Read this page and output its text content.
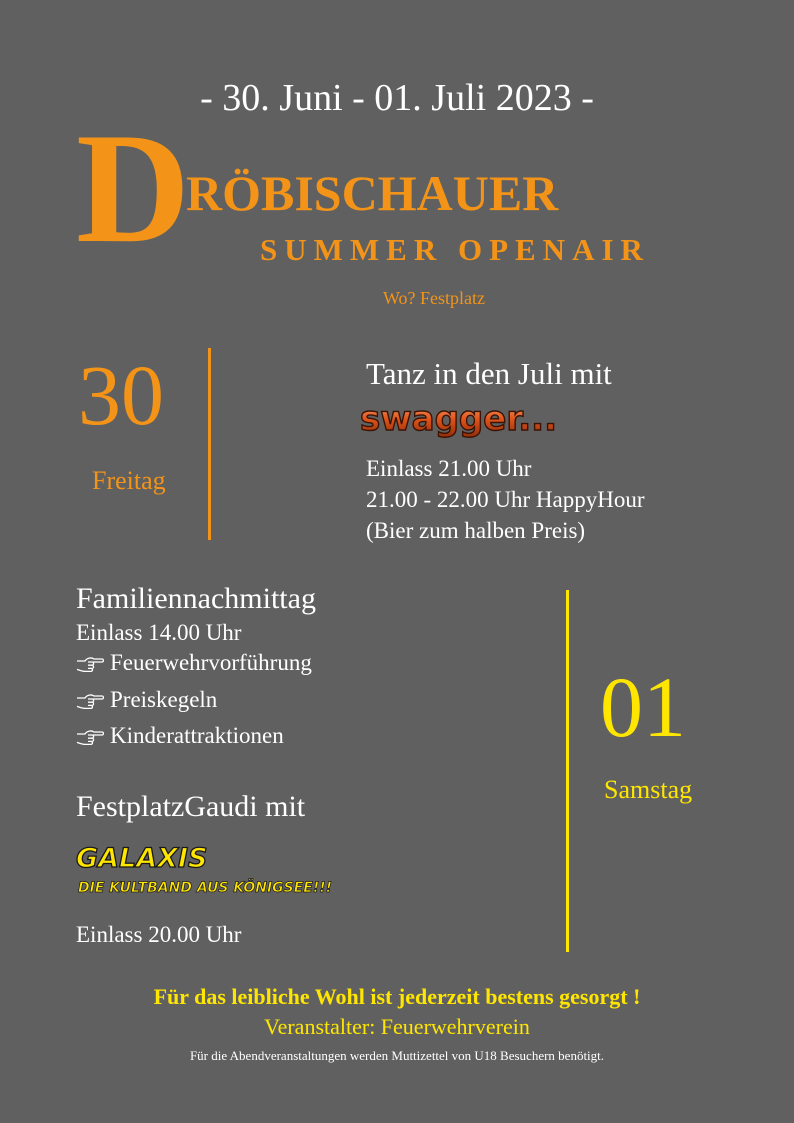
- 30. Juni - 01. Juli 2023 -
D
RÖBISCHAUER
SUMMER OPENAIR
Wo? Festplatz
30
Freitag
Tanz in den Juli mit
swagger...
Einlass 21.00 Uhr
21.00 - 22.00 Uhr HappyHour
(Bier zum halben Preis)
Familiennachmittag
Einlass 14.00 Uhr
Feuerwehrvorführung
Preiskegeln
Kinderattraktionen
FestplatzGaudi mit
GALAXIS
DIE KULTBAND AUS KÖNIGSEE!!!
Einlass 20.00 Uhr
01
Samstag
Für das leibliche Wohl ist jederzeit bestens gesorgt !
Veranstalter: Feuerwehrverein
Für die Abendveranstaltungen werden Muttizettel von U18 Besuchern benötigt.
